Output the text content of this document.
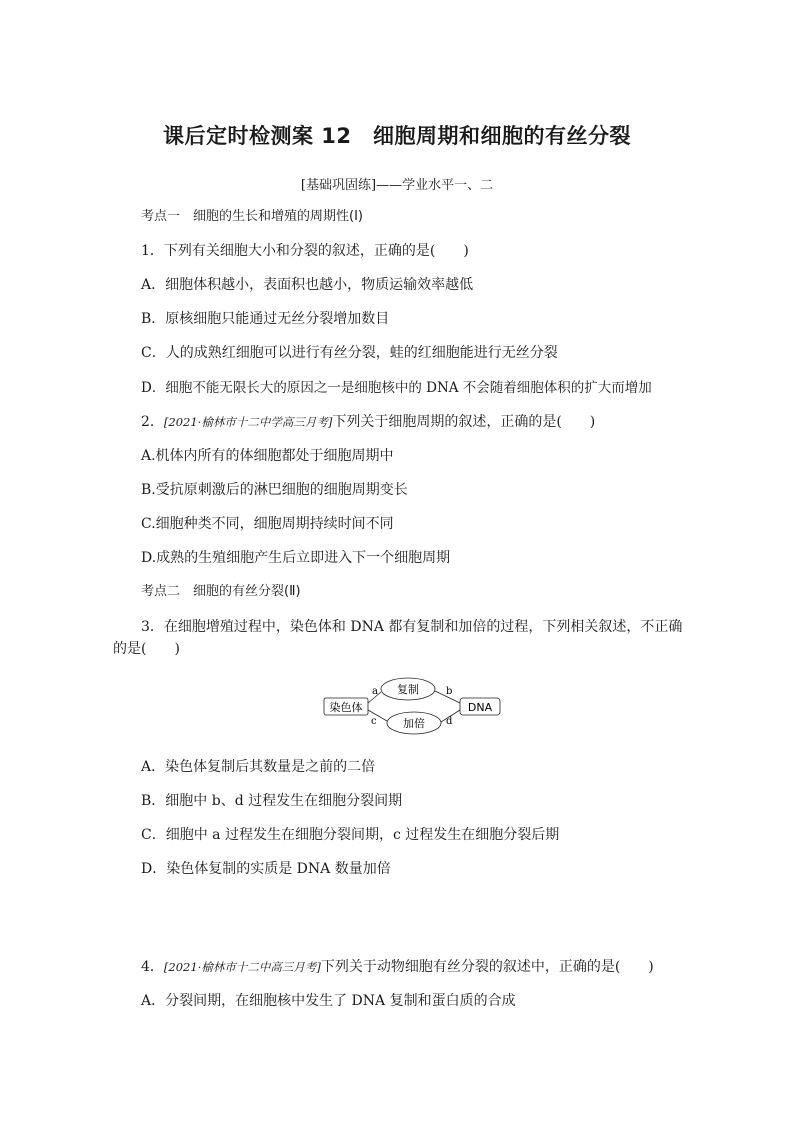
课后定时检测案 12　细胞周期和细胞的有丝分裂
[基础巩固练]——学业水平一、二
考点一　细胞的生长和增殖的周期性(Ⅰ)
1．下列有关细胞大小和分裂的叙述，正确的是(　　)
A．细胞体积越小，表面积也越小，物质运输效率越低
B．原核细胞只能通过无丝分裂增加数目
C．人的成熟红细胞可以进行有丝分裂，蛙的红细胞能进行无丝分裂
D．细胞不能无限长大的原因之一是细胞核中的 DNA 不会随着细胞体积的扩大而增加
2．[2021·榆林市十二中学高三月考]下列关于细胞周期的叙述，正确的是(　　)
A.机体内所有的体细胞都处于细胞周期中
B.受抗原刺激后的淋巴细胞的细胞周期变长
C.细胞种类不同，细胞周期持续时间不同
D.成熟的生殖细胞产生后立即进入下一个细胞周期
考点二　细胞的有丝分裂(Ⅱ)
3．在细胞增殖过程中，染色体和 DNA 都有复制和加倍的过程，下列相关叙述，不正确
的是(　　)
染色体	DNA
复制
加倍
a	b
c	d
A．染色体复制后其数量是之前的二倍
B．细胞中 b、d 过程发生在细胞分裂间期
C．细胞中 a 过程发生在细胞分裂间期，c 过程发生在细胞分裂后期
D．染色体复制的实质是 DNA 数量加倍
4．[2021·榆林市十二中高三月考]下列关于动物细胞有丝分裂的叙述中，正确的是(　　)
A．分裂间期，在细胞核中发生了 DNA 复制和蛋白质的合成
